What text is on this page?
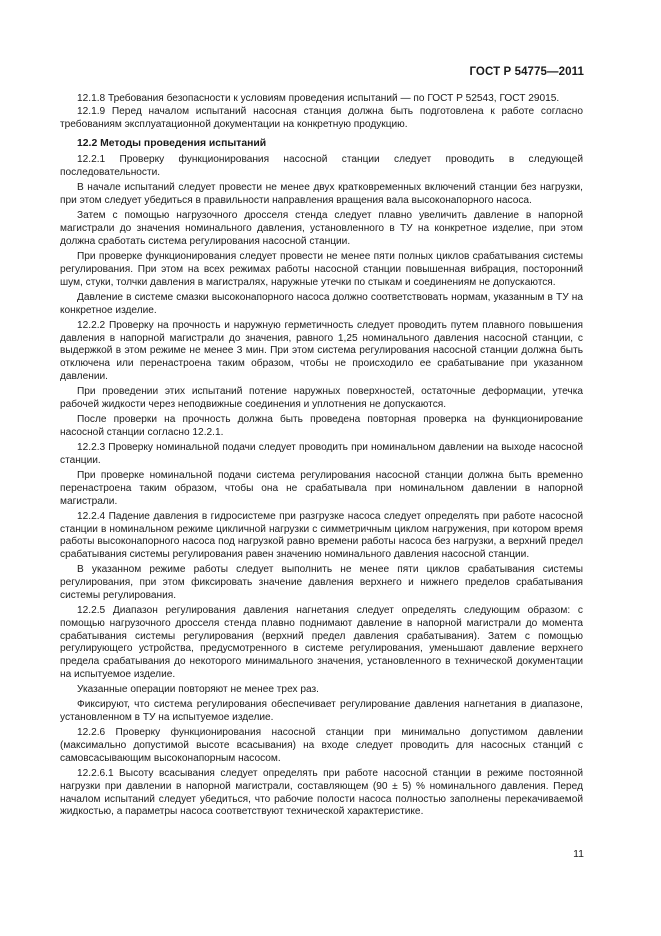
ГОСТ Р 54775—2011

12.1.8 Требования безопасности к условиям проведения испытаний — по ГОСТ Р 52543, ГОСТ 29015.

12.1.9 Перед началом испытаний насосная станция должна быть подготовлена к работе согласно требованиям эксплуатационной документации на конкретную продукцию.

12.2 Методы проведения испытаний

12.2.1 Проверку функционирования насосной станции следует проводить в следующей последовательности.

В начале испытаний следует провести не менее двух кратковременных включений станции без нагрузки, при этом следует убедиться в правильности направления вращения вала высоконапорного насоса.

Затем с помощью нагрузочного дросселя стенда следует плавно увеличить давление в напорной магистрали до значения номинального давления, установленного в ТУ на конкретное изделие, при этом должна сработать система регулирования насосной станции.

При проверке функционирования следует провести не менее пяти полных циклов срабатывания системы регулирования. При этом на всех режимах работы насосной станции повышенная вибрация, посторонний шум, стуки, толчки давления в магистралях, наружные утечки по стыкам и соединениям не допускаются.

Давление в системе смазки высоконапорного насоса должно соответствовать нормам, указанным в ТУ на конкретное изделие.

12.2.2 Проверку на прочность и наружную герметичность следует проводить путем плавного повышения давления в напорной магистрали до значения, равного 1,25 номинального давления насосной станции, с выдержкой в этом режиме не менее 3 мин. При этом система регулирования насосной станции должна быть отключена или перенастроена таким образом, чтобы не происходило ее срабатывание при указанном давлении.

При проведении этих испытаний потение наружных поверхностей, остаточные деформации, утечка рабочей жидкости через неподвижные соединения и уплотнения не допускаются.

После проверки на прочность должна быть проведена повторная проверка на функционирование насосной станции согласно 12.2.1.

12.2.3 Проверку номинальной подачи следует проводить при номинальном давлении на выходе насосной станции.

При проверке номинальной подачи система регулирования насосной станции должна быть временно перенастроена таким образом, чтобы она не срабатывала при номинальном давлении в напорной магистрали.

12.2.4 Падение давления в гидросистеме при разгрузке насоса следует определять при работе насосной станции в номинальном режиме цикличной нагрузки с симметричным циклом нагружения, при котором время работы высоконапорного насоса под нагрузкой равно времени работы насоса без нагрузки, а верхний предел срабатывания системы регулирования равен значению номинального давления насосной станции.

В указанном режиме работы следует выполнить не менее пяти циклов срабатывания системы регулирования, при этом фиксировать значение давления верхнего и нижнего пределов срабатывания системы регулирования.

12.2.5 Диапазон регулирования давления нагнетания следует определять следующим образом: с помощью нагрузочного дросселя стенда плавно поднимают давление в напорной магистрали до момента срабатывания системы регулирования (верхний предел давления срабатывания). Затем с помощью регулирующего устройства, предусмотренного в системе регулирования, уменьшают давление верхнего предела срабатывания до некоторого минимального значения, установленного в технической документации на испытуемое изделие.

Указанные операции повторяют не менее трех раз.

Фиксируют, что система регулирования обеспечивает регулирование давления нагнетания в диапазоне, установленном в ТУ на испытуемое изделие.

12.2.6 Проверку функционирования насосной станции при минимально допустимом давлении (максимально допустимой высоте всасывания) на входе следует проводить для насосных станций с самовсасывающим высоконапорным насосом.

12.2.6.1 Высоту всасывания следует определять при работе насосной станции в режиме постоянной нагрузки при давлении в напорной магистрали, составляющем (90 ± 5) % номинального давления. Перед началом испытаний следует убедиться, что рабочие полости насоса полностью заполнены перекачиваемой жидкостью, а параметры насоса соответствуют технической характеристике.

11
